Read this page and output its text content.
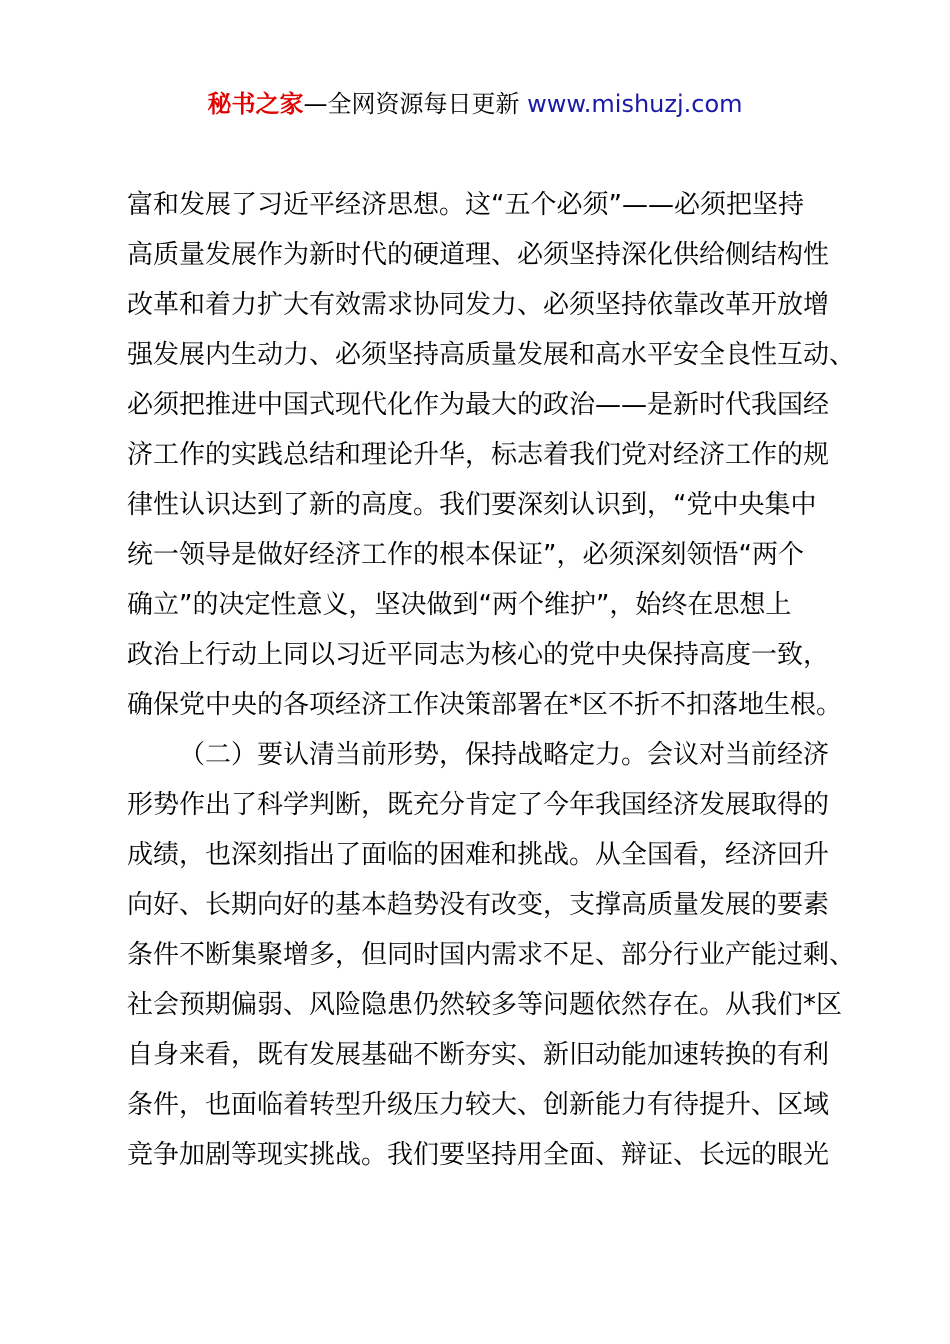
秘书之家—全网资源每日更新 www.mishuzj.com
富和发展了习近平经济思想。这“五个必须”——必须把坚持
高质量发展作为新时代的硬道理、必须坚持深化供给侧结构性
改革和着力扩大有效需求协同发力、必须坚持依靠改革开放增
强发展内生动力、必须坚持高质量发展和高水平安全良性互动、
必须把推进中国式现代化作为最大的政治——是新时代我国经
济工作的实践总结和理论升华，标志着我们党对经济工作的规
律性认识达到了新的高度。我们要深刻认识到，“党中央集中
统一领导是做好经济工作的根本保证”，必须深刻领悟“两个
确立”的决定性意义，坚决做到“两个维护”，始终在思想上
政治上行动上同以习近平同志为核心的党中央保持高度一致，
确保党中央的各项经济工作决策部署在*区不折不扣落地生根。
（二）要认清当前形势，保持战略定力。会议对当前经济
形势作出了科学判断，既充分肯定了今年我国经济发展取得的
成绩，也深刻指出了面临的困难和挑战。从全国看，经济回升
向好、长期向好的基本趋势没有改变，支撑高质量发展的要素
条件不断集聚增多，但同时国内需求不足、部分行业产能过剩、
社会预期偏弱、风险隐患仍然较多等问题依然存在。从我们*区
自身来看，既有发展基础不断夯实、新旧动能加速转换的有利
条件，也面临着转型升级压力较大、创新能力有待提升、区域
竞争加剧等现实挑战。我们要坚持用全面、辩证、长远的眼光
